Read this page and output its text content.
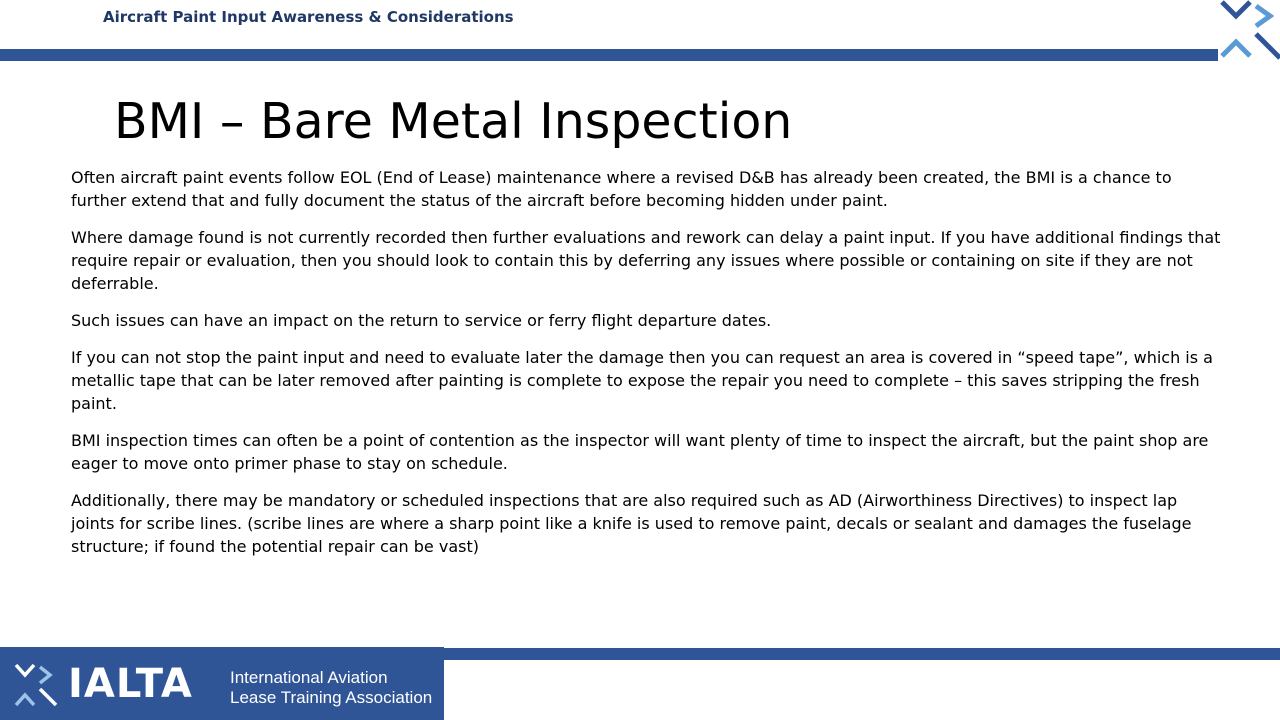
Aircraft Paint Input Awareness & Considerations
BMI – Bare Metal Inspection

Often aircraft paint events follow EOL (End of Lease) maintenance where a revised D&B has already been created, the BMI is a chance to further extend that and fully document the status of the aircraft before becoming hidden under paint.

Where damage found is not currently recorded then further evaluations and rework can delay a paint input. If you have additional findings that require repair or evaluation, then you should look to contain this by deferring any issues where possible or containing on site if they are not deferrable.

Such issues can have an impact on the return to service or ferry flight departure dates.

If you can not stop the paint input and need to evaluate later the damage then you can request an area is covered in “speed tape”, which is a metallic tape that can be later removed after painting is complete to expose the repair you need to complete – this saves stripping the fresh paint.

BMI inspection times can often be a point of contention as the inspector will want plenty of time to inspect the aircraft, but the paint shop are eager to move onto primer phase to stay on schedule.

Additionally, there may be mandatory or scheduled inspections that are also required such as AD (Airworthiness Directives) to inspect lap joints for scribe lines. (scribe lines are where a sharp point like a knife is used to remove paint, decals or sealant and damages the fuselage structure; if found the potential repair can be vast)

IALTA International Aviation
Lease Training Association
